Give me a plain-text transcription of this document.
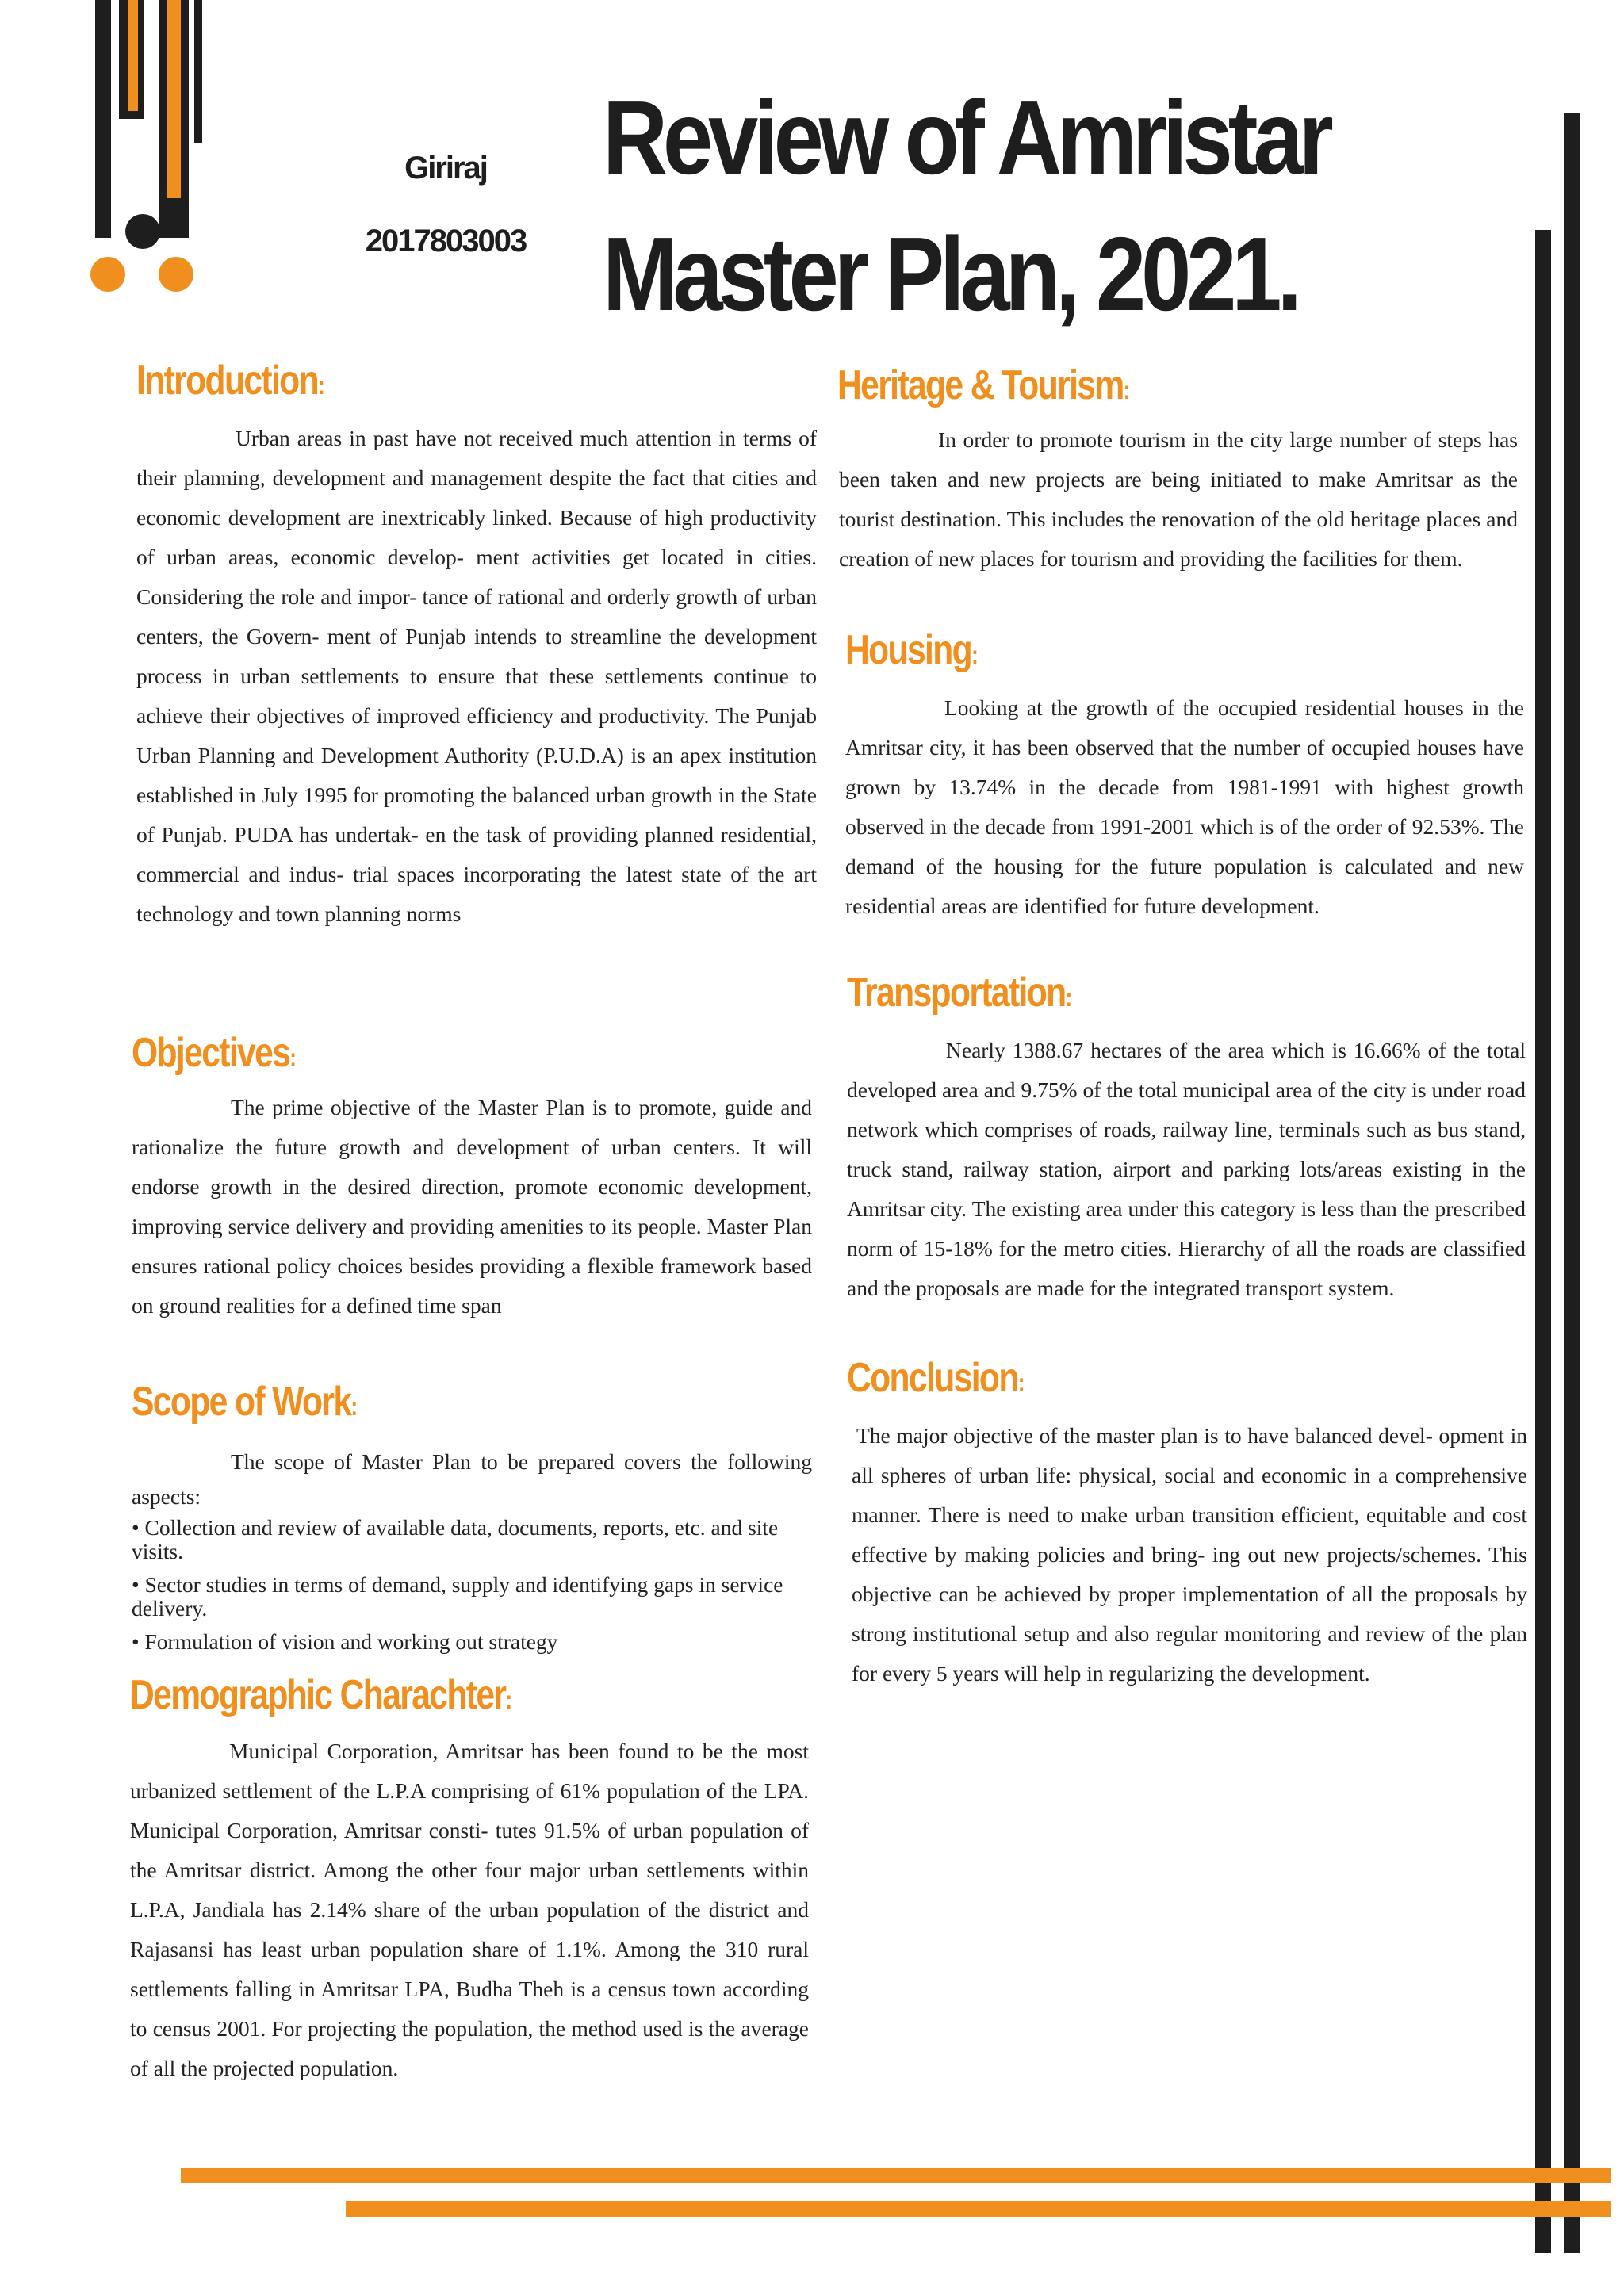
Giriraj
2017803003
Review of Amristar
Master Plan, 2021.
Introduction:

Urban areas in past have not received much attention in terms of their planning, development and management despite the fact that cities and economic development are inextricably linked. Because of high productivity of urban areas, economic develop- ment activities get located in cities. Considering the role and impor- tance of rational and orderly growth of urban centers, the Govern- ment of Punjab intends to streamline the development process in urban settlements to ensure that these settlements continue to achieve their objectives of improved efficiency and productivity. The Punjab Urban Planning and Development Authority (P.U.D.A) is an apex institution established in July 1995 for promoting the balanced urban growth in the State of Punjab. PUDA has undertak- en the task of providing planned residential, commercial and indus- trial spaces incorporating the latest state of the art technology and town planning norms

Objectives:

The prime objective of the Master Plan is to promote, guide and rationalize the future growth and development of urban centers. It will endorse growth in the desired direction, promote economic development, improving service delivery and providing amenities to its people. Master Plan ensures rational policy choices besides providing a flexible framework based on ground realities for a defined time span

Scope of Work:

The scope of Master Plan to be prepared covers the following aspects:

• Collection and review of available data, documents, reports, etc. and site visits.
• Sector studies in terms of demand, supply and identifying gaps in service delivery.
• Formulation of vision and working out strategy
Demographic Charachter:

Municipal Corporation, Amritsar has been found to be the most urbanized settlement of the L.P.A comprising of 61% population of the LPA. Municipal Corporation, Amritsar consti- tutes 91.5% of urban population of the Amritsar district. Among the other four major urban settlements within L.P.A, Jandiala has 2.14% share of the urban population of the district and Rajasansi has least urban population share of 1.1%. Among the 310 rural settlements falling in Amritsar LPA, Budha Theh is a census town according to census 2001. For projecting the population, the method used is the average of all the projected population.

Heritage & Tourism:

In order to promote tourism in the city large number of steps has been taken and new projects are being initiated to make Amritsar as the tourist destination. This includes the renovation of the old heritage places and creation of new places for tourism and providing the facilities for them.

Housing:

Looking at the growth of the occupied residential houses in the Amritsar city, it has been observed that the number of occupied houses have grown by 13.74% in the decade from 1981-1991 with highest growth observed in the decade from 1991-2001 which is of the order of 92.53%. The demand of the housing for the future population is calculated and new residential areas are identified for future development.

Transportation:

Nearly 1388.67 hectares of the area which is 16.66% of the total developed area and 9.75% of the total municipal area of the city is under road network which comprises of roads, railway line, terminals such as bus stand, truck stand, railway station, airport and parking lots/areas existing in the Amritsar city. The existing area under this category is less than the prescribed norm of 15-18% for the metro cities. Hierarchy of all the roads are classified and the proposals are made for the integrated transport system.

Conclusion:

The major objective of the master plan is to have balanced devel- opment in all spheres of urban life: physical, social and economic in a comprehensive manner. There is need to make urban transition efficient, equitable and cost effective by making policies and bring- ing out new projects/schemes. This objective can be achieved by proper implementation of all the proposals by strong institutional setup and also regular monitoring and review of the plan for every 5 years will help in regularizing the development.
